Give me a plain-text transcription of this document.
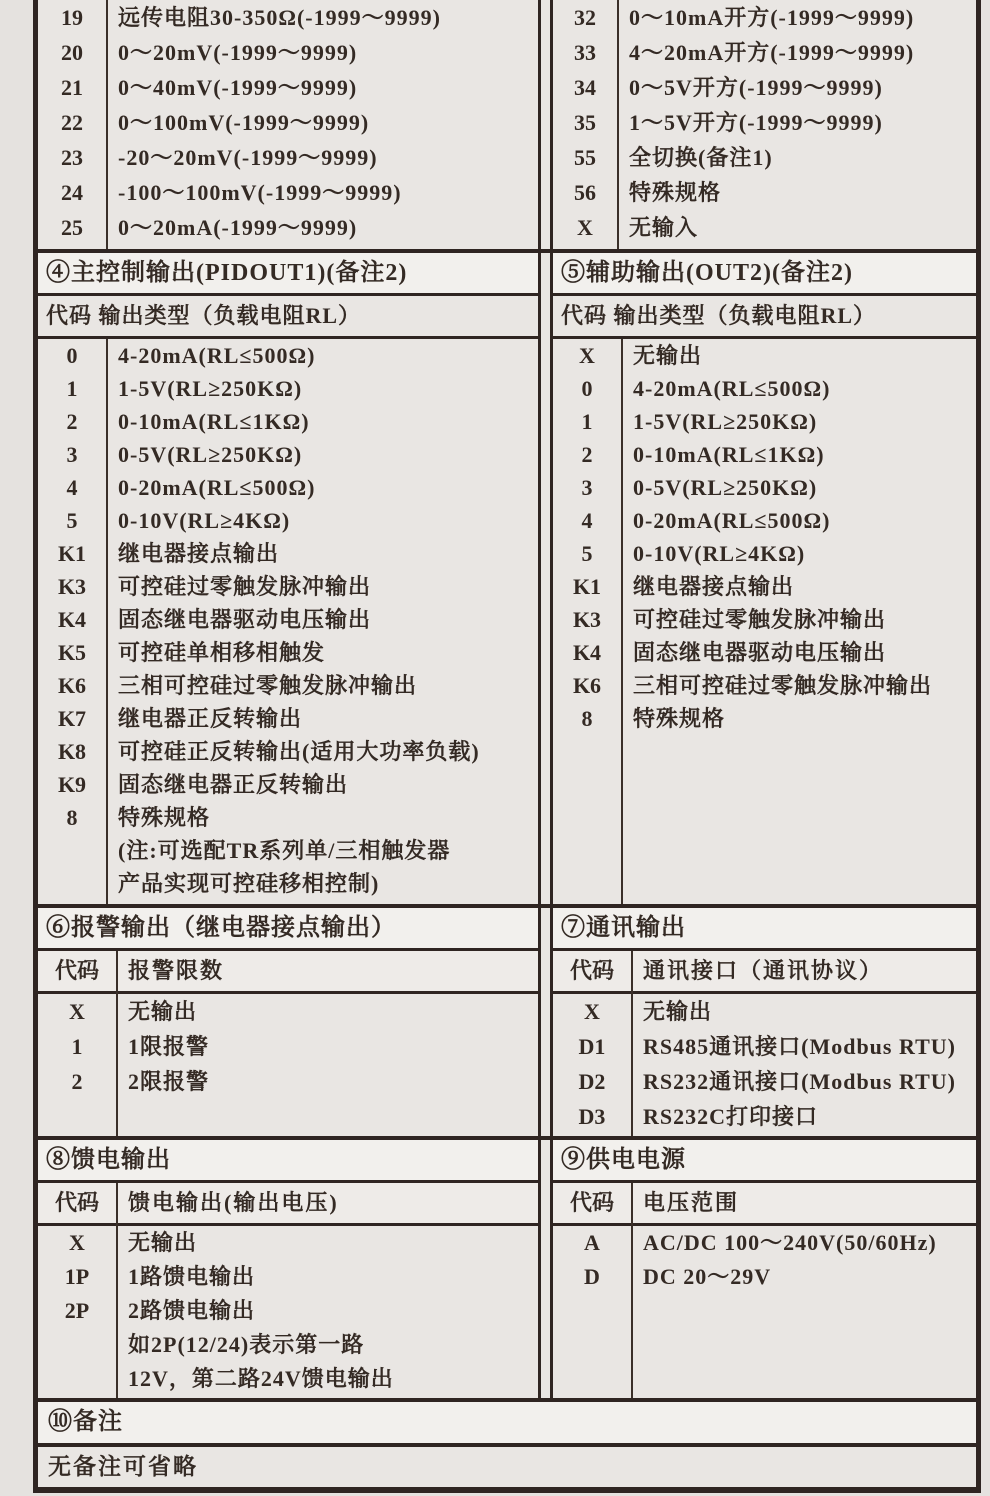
19	远传电阻30-350Ω(-1999～9999)
20	0～20mV(-1999～9999)
21	0～40mV(-1999～9999)
22	0～100mV(-1999～9999)
23	-20～20mV(-1999～9999)
24	-100～100mV(-1999～9999)
25	0～20mA(-1999～9999)
32	0～10mA开方(-1999～9999)
33	4～20mA开方(-1999～9999)
34	0～5V开方(-1999～9999)
35	1～5V开方(-1999～9999)
55	全切换(备注1)
56	特殊规格
X	无输入
④主控制输出(PIDOUT1)(备注2)
代码 输出类型（负载电阻RL）
0	4-20mA(RL≤500Ω)
1	1-5V(RL≥250KΩ)
2	0-10mA(RL≤1KΩ)
3	0-5V(RL≥250KΩ)
4	0-20mA(RL≤500Ω)
5	0-10V(RL≥4KΩ)
K1	继电器接点输出
K3	可控硅过零触发脉冲输出
K4	固态继电器驱动电压输出
K5	可控硅单相移相触发
K6	三相可控硅过零触发脉冲输出
K7	继电器正反转输出
K8	可控硅正反转输出(适用大功率负载)
K9	固态继电器正反转输出
8	特殊规格
(注:可选配TR系列单/三相触发器
产品实现可控硅移相控制)
⑤辅助输出(OUT2)(备注2)
代码 输出类型（负载电阻RL）
X	无输出
0	4-20mA(RL≤500Ω)
1	1-5V(RL≥250KΩ)
2	0-10mA(RL≤1KΩ)
3	0-5V(RL≥250KΩ)
4	0-20mA(RL≤500Ω)
5	0-10V(RL≥4KΩ)
K1	继电器接点输出
K3	可控硅过零触发脉冲输出
K4	固态继电器驱动电压输出
K6	三相可控硅过零触发脉冲输出
8	特殊规格
⑥报警输出（继电器接点输出）
代码	报警限数
X	无输出
1	1限报警
2	2限报警
⑦通讯输出
代码	通讯接口（通讯协议）
X	无输出
D1	RS485通讯接口(Modbus RTU)
D2	RS232通讯接口(Modbus RTU)
D3	RS232C打印接口
⑧馈电输出
代码	馈电输出(输出电压)
X	无输出
1P	1路馈电输出
2P	2路馈电输出
如2P(12/24)表示第一路
12V，第二路24V馈电输出
⑨供电电源
代码	电压范围
A	AC/DC 100～240V(50/60Hz)
D	DC 20～29V
⑩备注
无备注可省略
